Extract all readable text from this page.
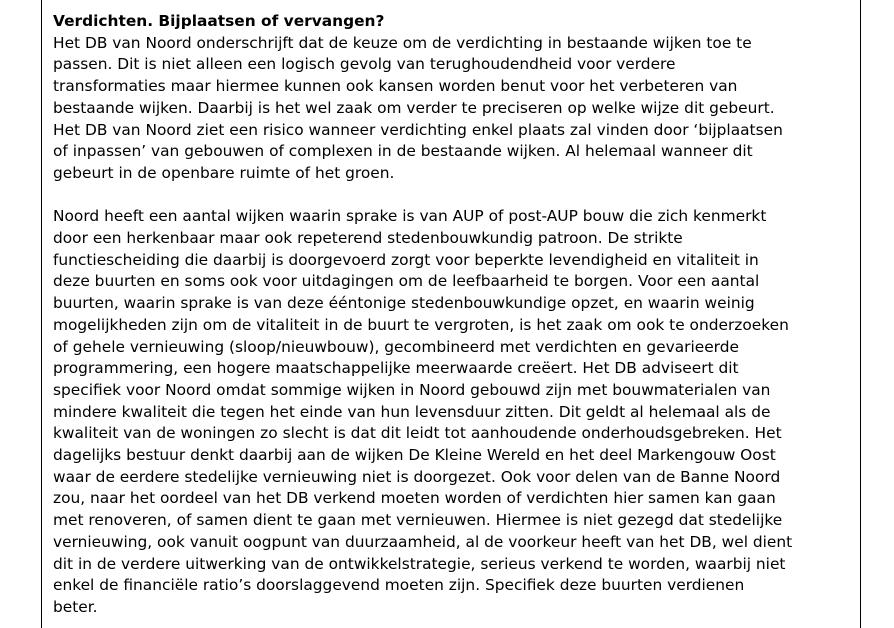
Verdichten. Bijplaatsen of vervangen?

Het DB van Noord onderschrijft dat de keuze om de verdichting in bestaande wijken toe te

passen. Dit is niet alleen een logisch gevolg van terughoudendheid voor verdere

transformaties maar hiermee kunnen ook kansen worden benut voor het verbeteren van

bestaande wijken. Daarbij is het wel zaak om verder te preciseren op welke wijze dit gebeurt.

Het DB van Noord ziet een risico wanneer verdichting enkel plaats zal vinden door ‘bijplaatsen

of inpassen’ van gebouwen of complexen in de bestaande wijken. Al helemaal wanneer dit

gebeurt in de openbare ruimte of het groen.

Noord heeft een aantal wijken waarin sprake is van AUP of post-AUP bouw die zich kenmerkt

door een herkenbaar maar ook repeterend stedenbouwkundig patroon. De strikte

functiescheiding die daarbij is doorgevoerd zorgt voor beperkte levendigheid en vitaliteit in

deze buurten en soms ook voor uitdagingen om de leefbaarheid te borgen. Voor een aantal

buurten, waarin sprake is van deze ééntonige stedenbouwkundige opzet, en waarin weinig

mogelijkheden zijn om de vitaliteit in de buurt te vergroten, is het zaak om ook te onderzoeken

of gehele vernieuwing (sloop/nieuwbouw), gecombineerd met verdichten en gevarieerde

programmering, een hogere maatschappelijke meerwaarde creëert. Het DB adviseert dit

specifiek voor Noord omdat sommige wijken in Noord gebouwd zijn met bouwmaterialen van

mindere kwaliteit die tegen het einde van hun levensduur zitten. Dit geldt al helemaal als de

kwaliteit van de woningen zo slecht is dat dit leidt tot aanhoudende onderhoudsgebreken. Het

dagelijks bestuur denkt daarbij aan de wijken De Kleine Wereld en het deel Markengouw Oost

waar de eerdere stedelijke vernieuwing niet is doorgezet. Ook voor delen van de Banne Noord

zou, naar het oordeel van het DB verkend moeten worden of verdichten hier samen kan gaan

met renoveren, of samen dient te gaan met vernieuwen. Hiermee is niet gezegd dat stedelijke

vernieuwing, ook vanuit oogpunt van duurzaamheid, al de voorkeur heeft van het DB, wel dient

dit in de verdere uitwerking van de ontwikkelstrategie, serieus verkend te worden, waarbij niet

enkel de financiële ratio’s doorslaggevend moeten zijn. Specifiek deze buurten verdienen

beter.
